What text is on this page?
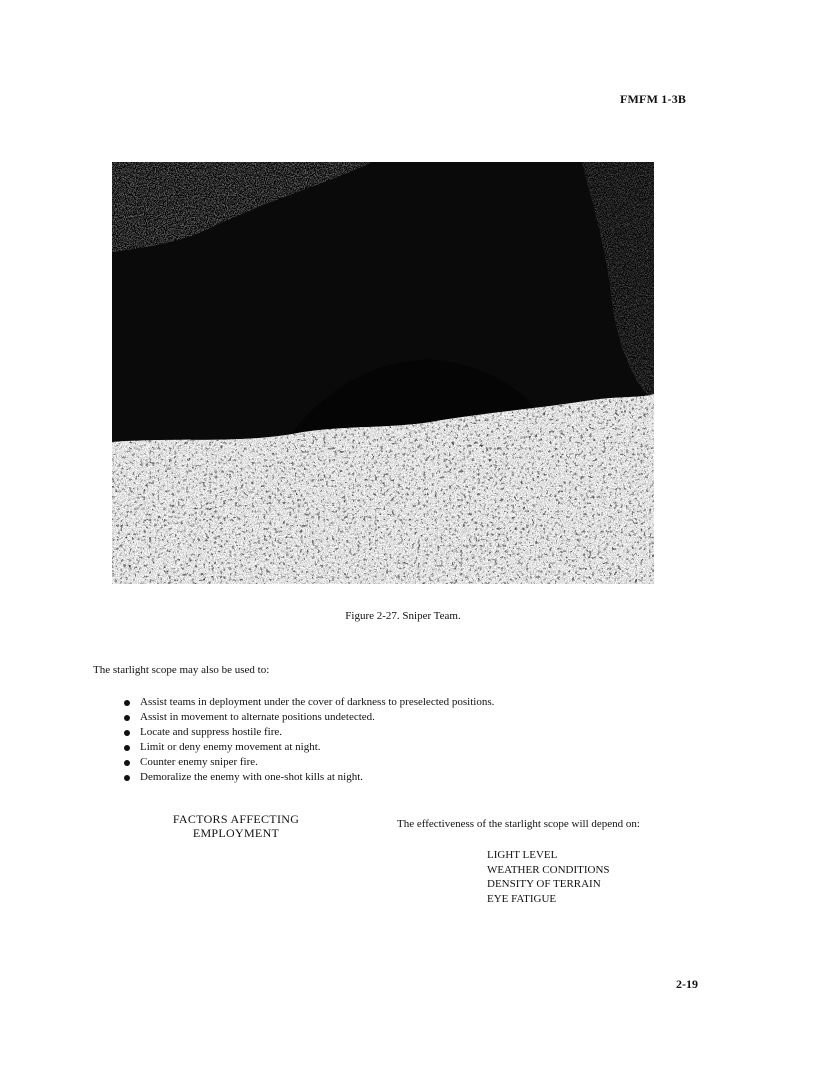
FMFM 1-3B
Figure 2-27. Sniper Team.
The starlight scope may also be used to:
Assist teams in deployment under the cover of darkness to preselected positions.
Assist in movement to alternate positions undetected.
Locate and suppress hostile fire.
Limit or deny enemy movement at night.
Counter enemy sniper fire.
Demoralize the enemy with one-shot kills at night.
FACTORS AFFECTING
EMPLOYMENT
The effectiveness of the starlight scope will depend on:
LIGHT LEVEL
WEATHER CONDITIONS
DENSITY OF TERRAIN
EYE FATIGUE
2-19
